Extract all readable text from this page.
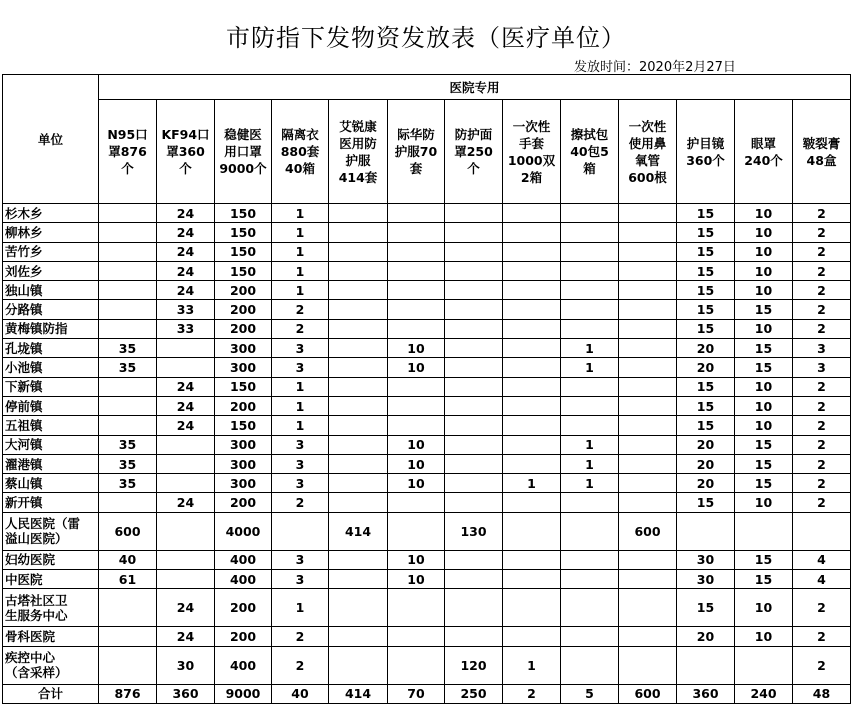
市防指下发物资发放表（医疗单位）
发放时间：2020年2月27日
单位	医院专用												
	N95口
罩876
个	KF94口
罩360
个	稳健医
用口罩
9000个	隔离衣
880套
40箱	艾锐康
医用防
护服
414套	际华防
护服70
套	防护面
罩250
个	一次性
手套
1000双
2箱	擦拭包
40包5
箱	一次性
使用鼻
氧管
600根	护目镜
360个	眼罩
240个	皲裂膏
48盒
杉木乡		24	150	1							15	10	2
柳林乡		24	150	1							15	10	2
苦竹乡		24	150	1							15	10	2
刘佐乡		24	150	1							15	10	2
独山镇		24	200	1							15	10	2
分路镇		33	200	2							15	15	2
黄梅镇防指		33	200	2							15	10	2
孔垅镇	35		300	3		10			1		20	15	3
小池镇	35		300	3		10			1		20	15	3
下新镇		24	150	1							15	10	2
停前镇		24	200	1							15	10	2
五祖镇		24	150	1							15	10	2
大河镇	35		300	3		10			1		20	15	2
濯港镇	35		300	3		10			1		20	15	2
蔡山镇	35		300	3		10		1	1		20	15	2
新开镇		24	200	2							15	10	2
人民医院（雷
溢山医院）	600		4000		414		130			600			
妇幼医院	40		400	3		10					30	15	4
中医院	61		400	3		10					30	15	4
古塔社区卫
生服务中心		24	200	1							15	10	2
骨科医院		24	200	2							20	10	2
疾控中心
（含采样）		30	400	2			120	1					2
合计	876	360	9000	40	414	70	250	2	5	600	360	240	48
